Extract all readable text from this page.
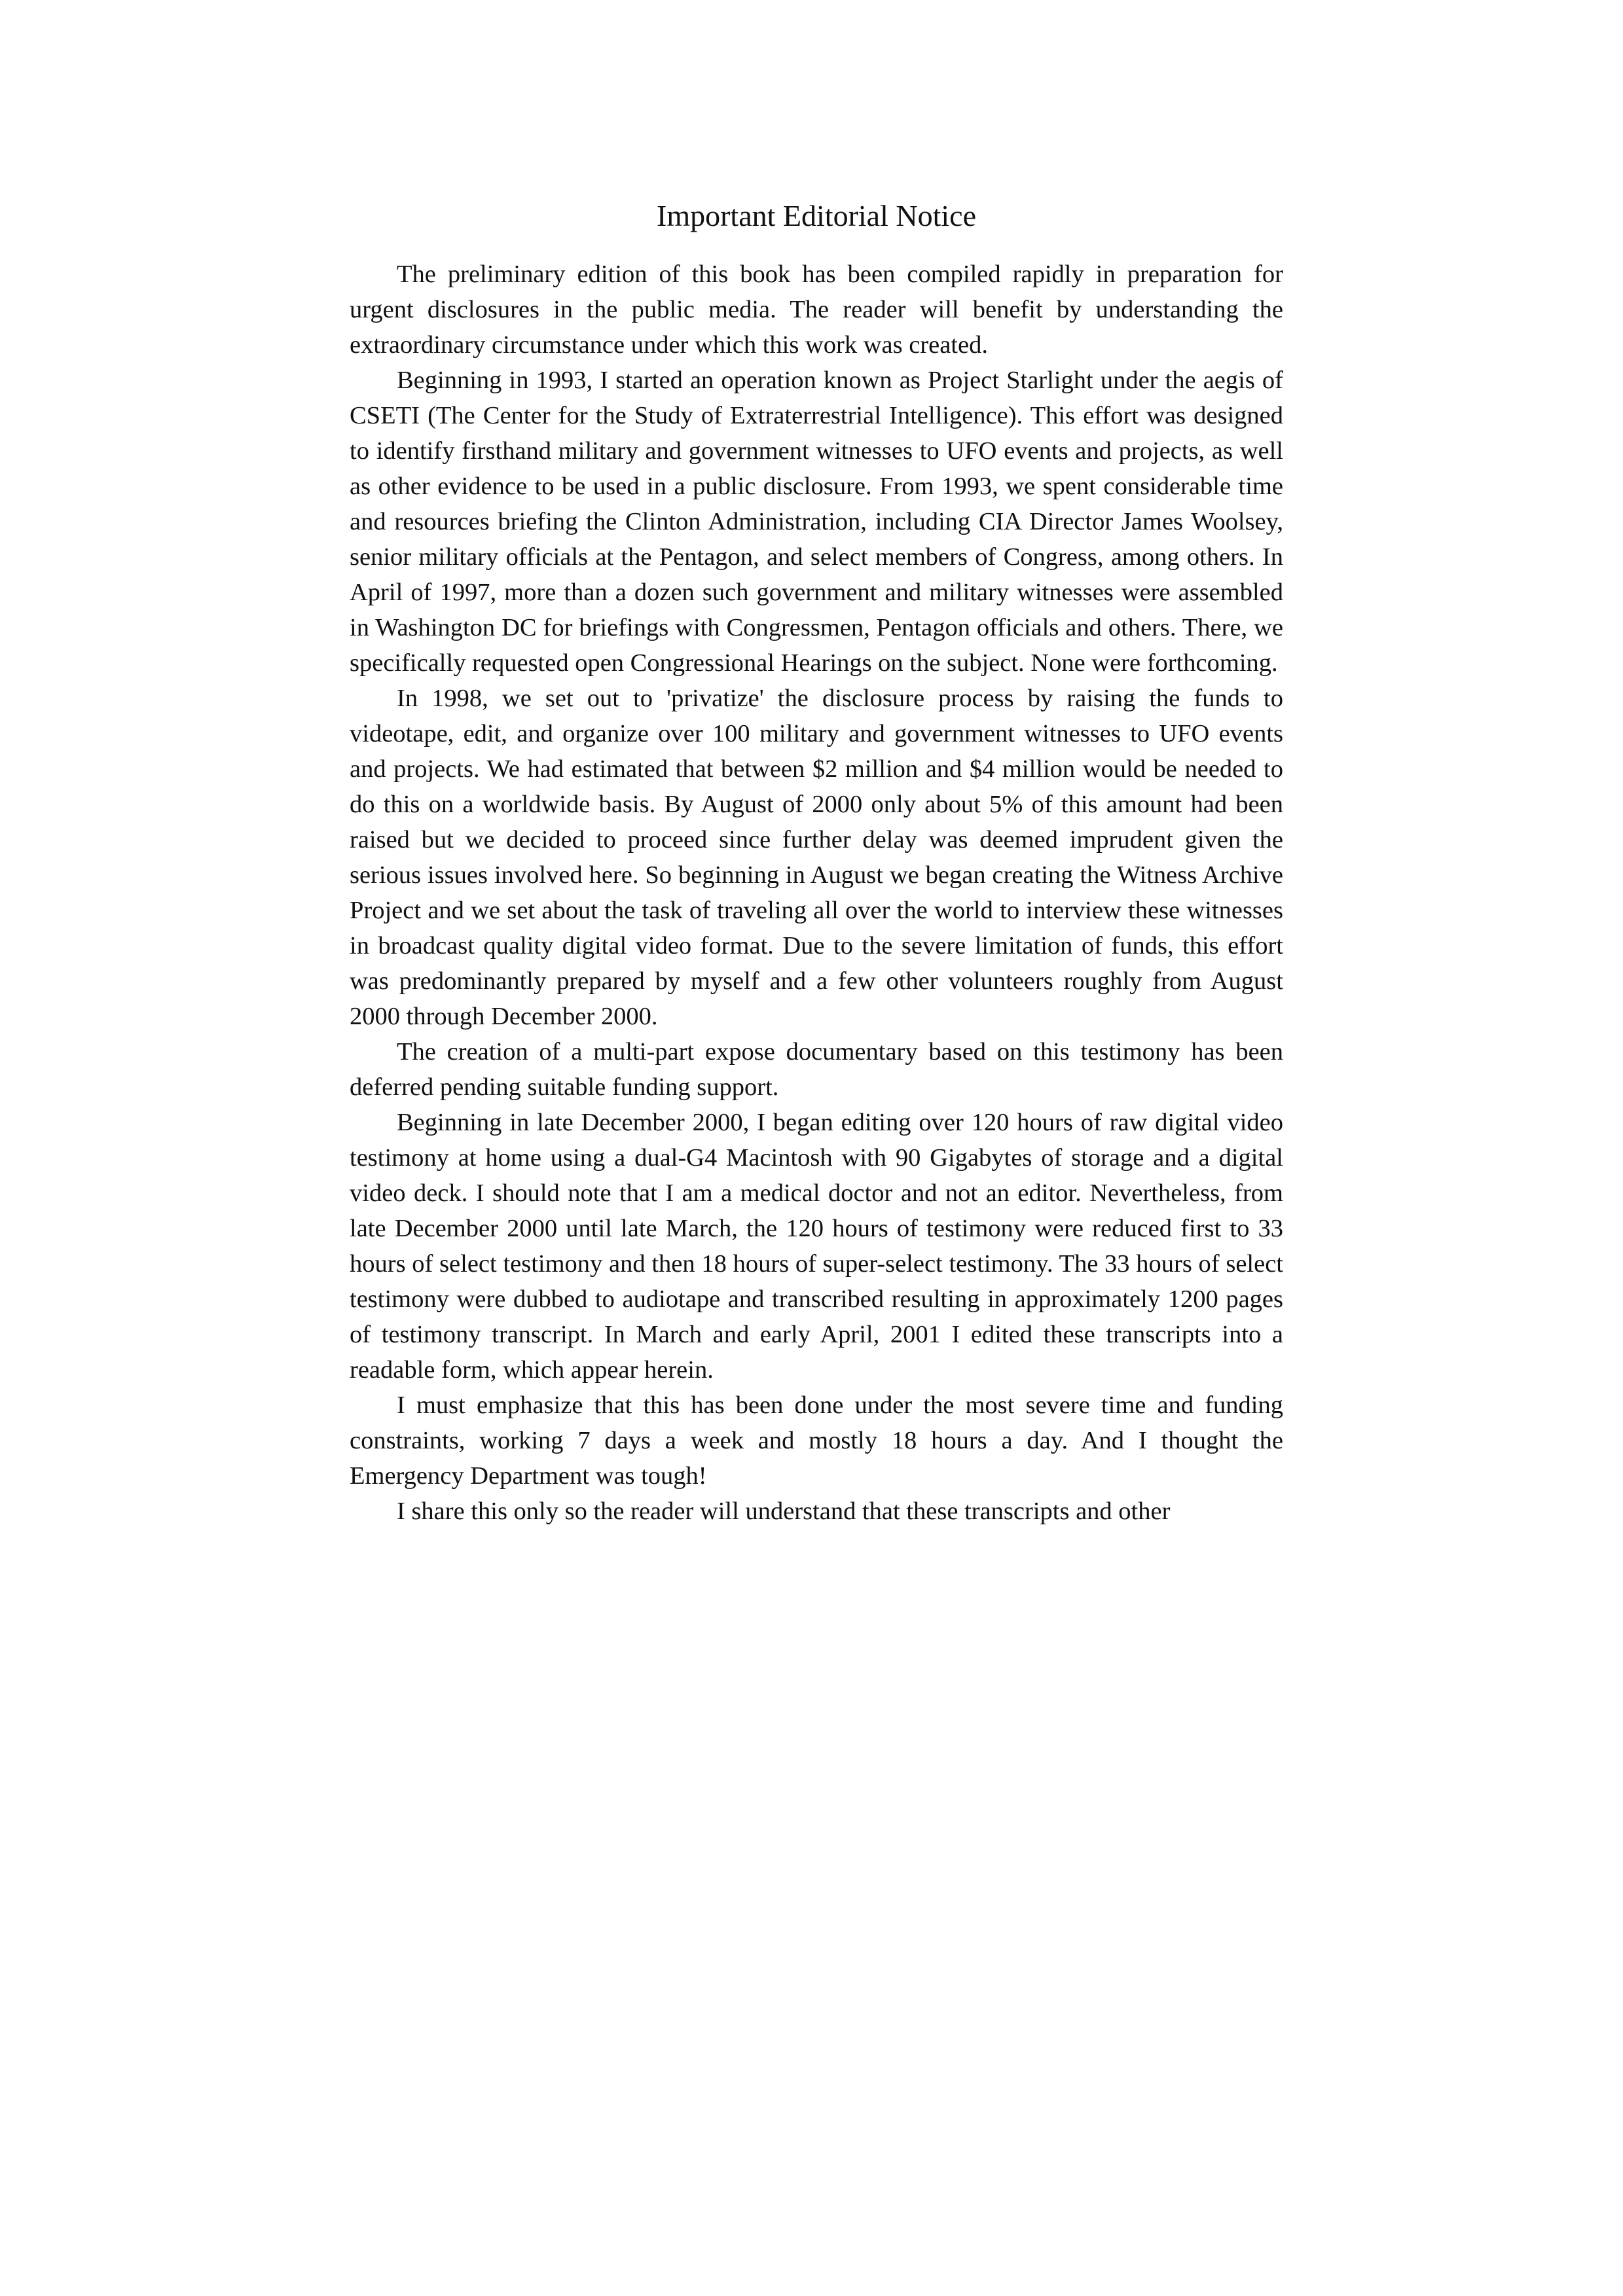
Important Editorial Notice

The preliminary edition of this book has been compiled rapidly in preparation for urgent disclosures in the public media. The reader will benefit by understanding the extraordinary circumstance under which this work was created.

Beginning in 1993, I started an operation known as Project Starlight under the aegis of CSETI (The Center for the Study of Extraterrestrial Intelligence). This effort was designed to identify firsthand military and government witnesses to UFO events and projects, as well as other evidence to be used in a public disclosure. From 1993, we spent considerable time and resources briefing the Clinton Administration, including CIA Director James Woolsey, senior military officials at the Pentagon, and select members of Congress, among others. In April of 1997, more than a dozen such government and military witnesses were assembled in Washington DC for briefings with Congressmen, Pentagon officials and others. There, we specifically requested open Congressional Hearings on the subject. None were forthcoming.

In 1998, we set out to 'privatize' the disclosure process by raising the funds to videotape, edit, and organize over 100 military and government witnesses to UFO events and projects. We had estimated that between $2 million and $4 million would be needed to do this on a worldwide basis. By August of 2000 only about 5% of this amount had been raised but we decided to proceed since further delay was deemed imprudent given the serious issues involved here. So beginning in August we began creating the Witness Archive Project and we set about the task of traveling all over the world to interview these witnesses in broadcast quality digital video format. Due to the severe limitation of funds, this effort was predominantly prepared by myself and a few other volunteers roughly from August 2000 through December 2000.

The creation of a multi-part expose documentary based on this testimony has been deferred pending suitable funding support.

Beginning in late December 2000, I began editing over 120 hours of raw digital video testimony at home using a dual-G4 Macintosh with 90 Gigabytes of storage and a digital video deck. I should note that I am a medical doctor and not an editor. Nevertheless, from late December 2000 until late March, the 120 hours of testimony were reduced first to 33 hours of select testimony and then 18 hours of super-select testimony. The 33 hours of select testimony were dubbed to audiotape and transcribed resulting in approximately 1200 pages of testimony transcript. In March and early April, 2001 I edited these transcripts into a readable form, which appear herein.

I must emphasize that this has been done under the most severe time and funding constraints, working 7 days a week and mostly 18 hours a day. And I thought the Emergency Department was tough!

I share this only so the reader will understand that these transcripts and other
